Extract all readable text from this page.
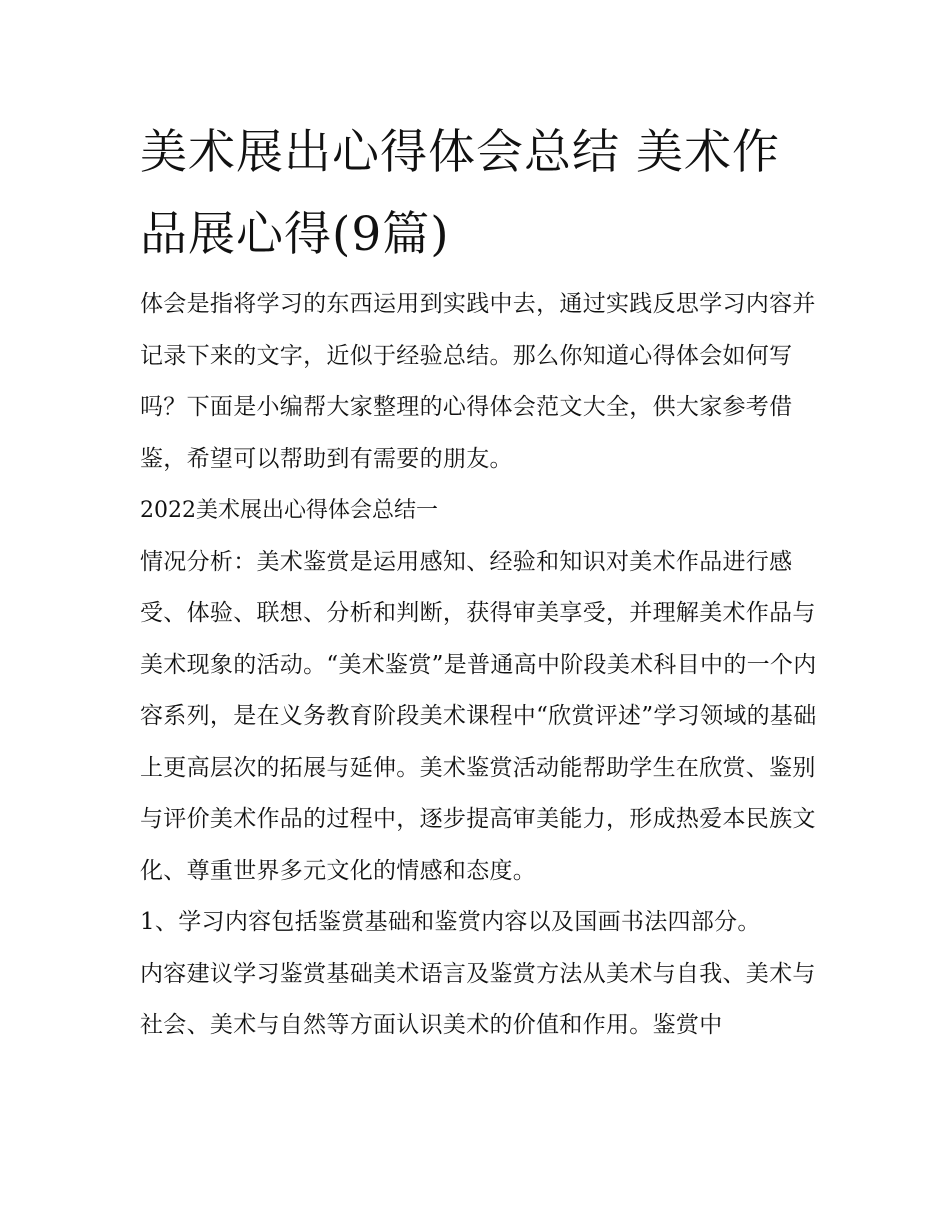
美术展出心得体会总结 美术作品展心得(9篇)

体会是指将学习的东西运用到实践中去，通过实践反思学习内容并记录下来的文字，近似于经验总结。那么你知道心得体会如何写吗？下面是小编帮大家整理的心得体会范文大全，供大家参考借鉴，希望可以帮助到有需要的朋友。

2022美术展出心得体会总结一

情况分析：美术鉴赏是运用感知、经验和知识对美术作品进行感受、体验、联想、分析和判断，获得审美享受，并理解美术作品与美术现象的活动。“美术鉴赏”是普通高中阶段美术科目中的一个内容系列，是在义务教育阶段美术课程中“欣赏评述”学习领域的基础上更高层次的拓展与延伸。美术鉴赏活动能帮助学生在欣赏、鉴别与评价美术作品的过程中，逐步提高审美能力，形成热爱本民族文化、尊重世界多元文化的情感和态度。

1、学习内容包括鉴赏基础和鉴赏内容以及国画书法四部分。

内容建议学习鉴赏基础美术语言及鉴赏方法从美术与自我、美术与社会、美术与自然等方面认识美术的价值和作用。鉴赏中
